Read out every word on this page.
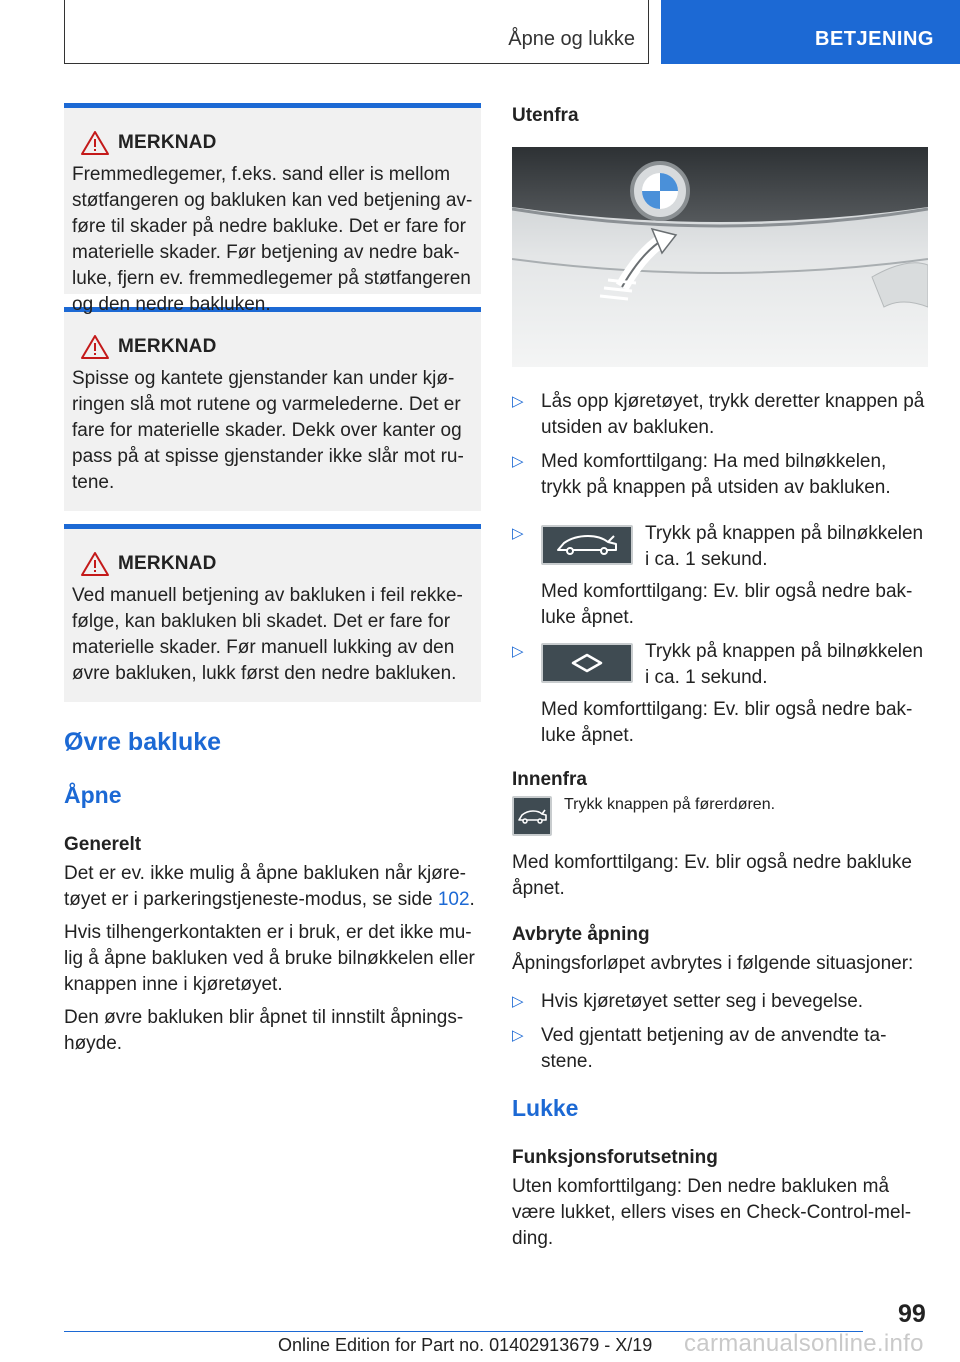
Åpne og lukke	BETJENING
MERKNAD

Fremmedlegemer, f.eks. sand eller is mellom støtfangeren og bakluken kan ved betjening av-føre til skader på nedre bakluke. Det er fare for materielle skader. Før betjening av nedre bak-luke, fjern ev. fremmedlegemer på støtfangeren og den nedre bakluken.

MERKNAD

Spisse og kantete gjenstander kan under kjø-ringen slå mot rutene og varmelederne. Det er fare for materielle skader. Dekk over kanter og pass på at spisse gjenstander ikke slår mot ru-tene.

MERKNAD

Ved manuell betjening av bakluken i feil rekke-følge, kan bakluken bli skadet. Det er fare for materielle skader. Før manuell lukking av den øvre bakluken, lukk først den nedre bakluken.

Øvre bakluke
Åpne
Generelt

Det er ev. ikke mulig å åpne bakluken når kjøre-tøyet er i parkeringstjeneste-modus, se side 102.

Hvis tilhengerkontakten er i bruk, er det ikke mu-lig å åpne bakluken ved å bruke bilnøkkelen eller knappen inne i kjøretøyet.

Den øvre bakluken blir åpnet til innstilt åpnings-høyde.

Utenfra
▷ Lås opp kjøretøyet, trykk deretter knappen på utsiden av bakluken.
▷ Med komforttilgang: Ha med bilnøkkelen, trykk på knappen på utsiden av bakluken.
▷	Trykk på knappen på bilnøkkelen i ca. 1 sekund.

Med komforttilgang: Ev. blir også nedre bak-luke åpnet.

▷	Trykk på knappen på bilnøkkelen i ca. 1 sekund.

Med komforttilgang: Ev. blir også nedre bak-luke åpnet.

Innenfra
Trykk knappen på førerdøren.

Med komforttilgang: Ev. blir også nedre bakluke åpnet.

Avbryte åpning

Åpningsforløpet avbrytes i følgende situasjoner:

▷ Hvis kjøretøyet setter seg i bevegelse.
▷ Ved gjentatt betjening av de anvendte ta-stene.
Lukke
Funksjonsforutsetning

Uten komforttilgang: Den nedre bakluken må være lukket, ellers vises en Check-Control-mel-ding.

99
Online Edition for Part no. 01402913679 - X/19 carmanualsonline.info
